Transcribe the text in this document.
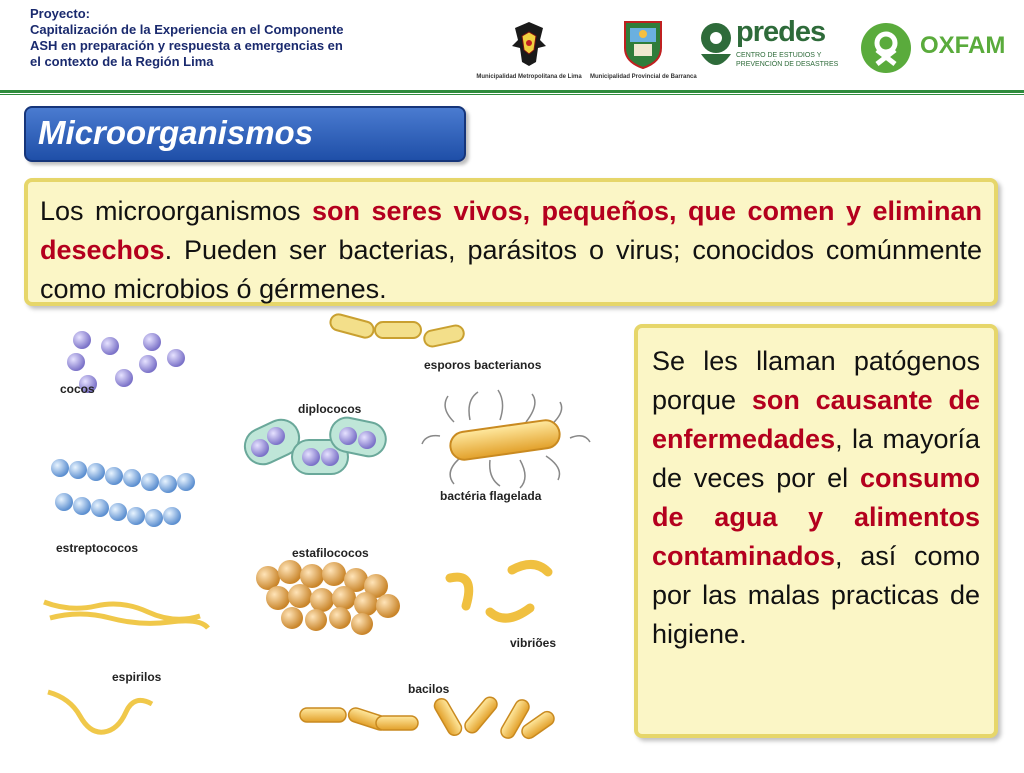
Proyecto:
Capitalización de la Experiencia en el Componente
ASH en preparación y respuesta a emergencias en
el contexto de la Región Lima
Municipalidad Metropolitana de Lima	Municipalidad Provincial de Barranca
predes
CENTRO DE ESTUDIOS Y
PREVENCIÓN DE DESASTRES
OXFAM
Microorganismos
Los microorganismos son seres vivos, pequeños, que comen y eliminan desechos. Pueden ser bacterias, parásitos o virus; conocidos comúnmente como microbios ó gérmenes.
cocos
esporos bacterianos
diplococos
bactéria flagelada
estreptococos	estafilococos
vibriões
espirilos
bacilos
Se les llaman patógenos porque son causante de enfermedades, la mayoría de veces por el consumo de agua y alimentos contaminados, así como por las malas practicas de higiene.
